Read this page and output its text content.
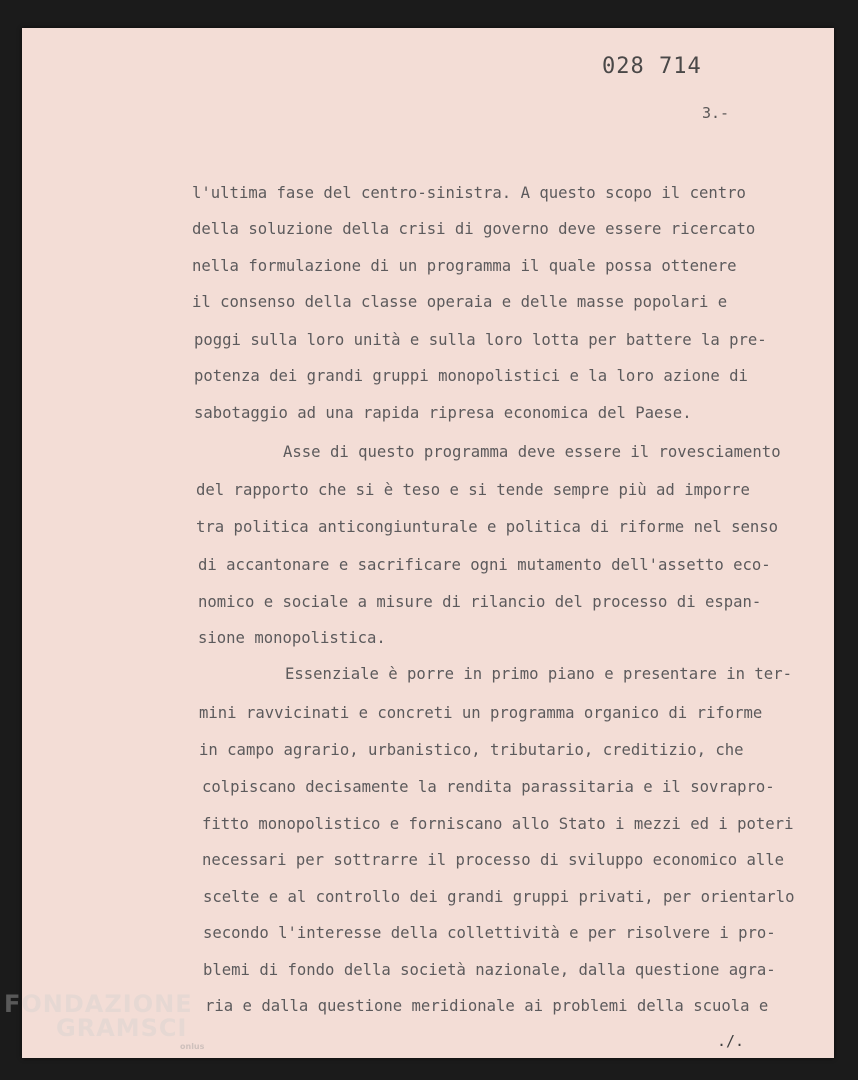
028 714
3.-
l'ultima fase del centro-sinistra. A questo scopo il centro
della soluzione della crisi di governo deve essere ricercato
nella formulazione di un programma il quale possa ottenere
il consenso della classe operaia e delle masse popolari e
poggi sulla loro unità e sulla loro lotta per battere la pre-
potenza dei grandi gruppi monopolistici e la loro azione di
sabotaggio ad una rapida ripresa economica del Paese.
Asse di questo programma deve essere il rovesciamento
del rapporto che si è teso e si tende sempre più ad imporre
tra politica anticongiunturale e politica di riforme nel senso
di accantonare e sacrificare ogni mutamento dell'assetto eco-
nomico e sociale a misure di rilancio del processo di espan-
sione monopolistica.
Essenziale è porre in primo piano e presentare in ter-
mini ravvicinati e concreti un programma organico di riforme
in campo agrario, urbanistico, tributario, creditizio, che
colpiscano decisamente la rendita parassitaria e il sovrapro-
fitto monopolistico e forniscano allo Stato i mezzi ed i poteri
necessari per sottrarre il processo di sviluppo economico alle
scelte e al controllo dei grandi gruppi privati, per orientarlo
secondo l'interesse della collettività e per risolvere i pro-
blemi di fondo della società nazionale, dalla questione agra-
ria e dalla questione meridionale ai problemi della scuola e
./.
FONDAZIONE
GRAMSCI
onlus
